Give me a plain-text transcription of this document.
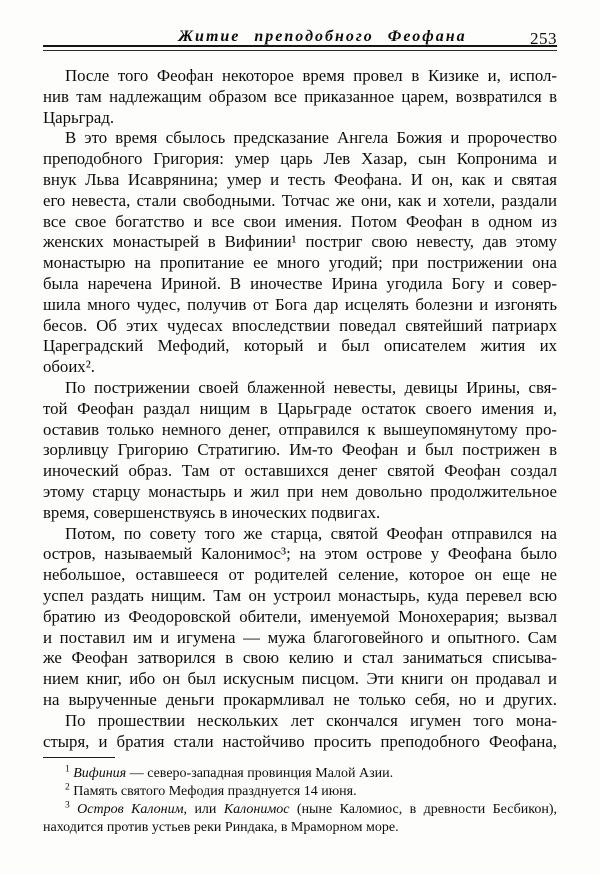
Житие преподобного Феофана	253
После того Феофан некоторое время провел в Кизике и, испол-
нив там надлежащим образом все приказанное царем, возвратился в
Царьград.
В это время сбылось предсказание Ангела Божия и пророчество
преподобного Григория: умер царь Лев Хазар, сын Копронима и
внук Льва Исаврянина; умер и тесть Феофана. И он, как и святая
его невеста, стали свободными. Тотчас же они, как и хотели, раздали
все свое богатство и все свои имения. Потом Феофан в одном из
женских монастырей в Вифинии¹ постриг свою невесту, дав этому
монастырю на пропитание ее много угодий; при пострижении она
была наречена Ириной. В иночестве Ирина угодила Богу и совер-
шила много чудес, получив от Бога дар исцелять болезни и изгонять
бесов. Об этих чудесах впоследствии поведал святейший патриарх
Цареградский Мефодий, который и был описателем жития их
обоих².
По пострижении своей блаженной невесты, девицы Ирины, свя-
той Феофан раздал нищим в Царьграде остаток своего имения и,
оставив только немного денег, отправился к вышеупомянутому про-
зорливцу Григорию Стратигию. Им-то Феофан и был пострижен в
иноческий образ. Там от оставшихся денег святой Феофан создал
этому старцу монастырь и жил при нем довольно продолжительное
время, совершенствуясь в иноческих подвигах.
Потом, по совету того же старца, святой Феофан отправился на
остров, называемый Калонимос³; на этом острове у Феофана было
небольшое, оставшееся от родителей селение, которое он еще не
успел раздать нищим. Там он устроил монастырь, куда перевел всю
братию из Феодоровской обители, именуемой Монохерария; вызвал
и поставил им и игумена — мужа благоговейного и опытного. Сам
же Феофан затворился в свою келию и стал заниматься списыва-
нием книг, ибо он был искусным писцом. Эти книги он продавал и
на вырученные деньги прокармливал не только себя, но и других.
По прошествии нескольких лет скончался игумен того мона-
стыря, и братия стали настойчиво просить преподобного Феофана,
$^1$ Вифиния — северо-западная провинция Малой Азии.
$^2$ Память святого Мефодия празднуется 14 июня.
$^3$ Остров Калоним, или Калонимос (ныне Каломиос, в древности Бесбикон), находится против устьев реки Риндака, в Мраморном море.
